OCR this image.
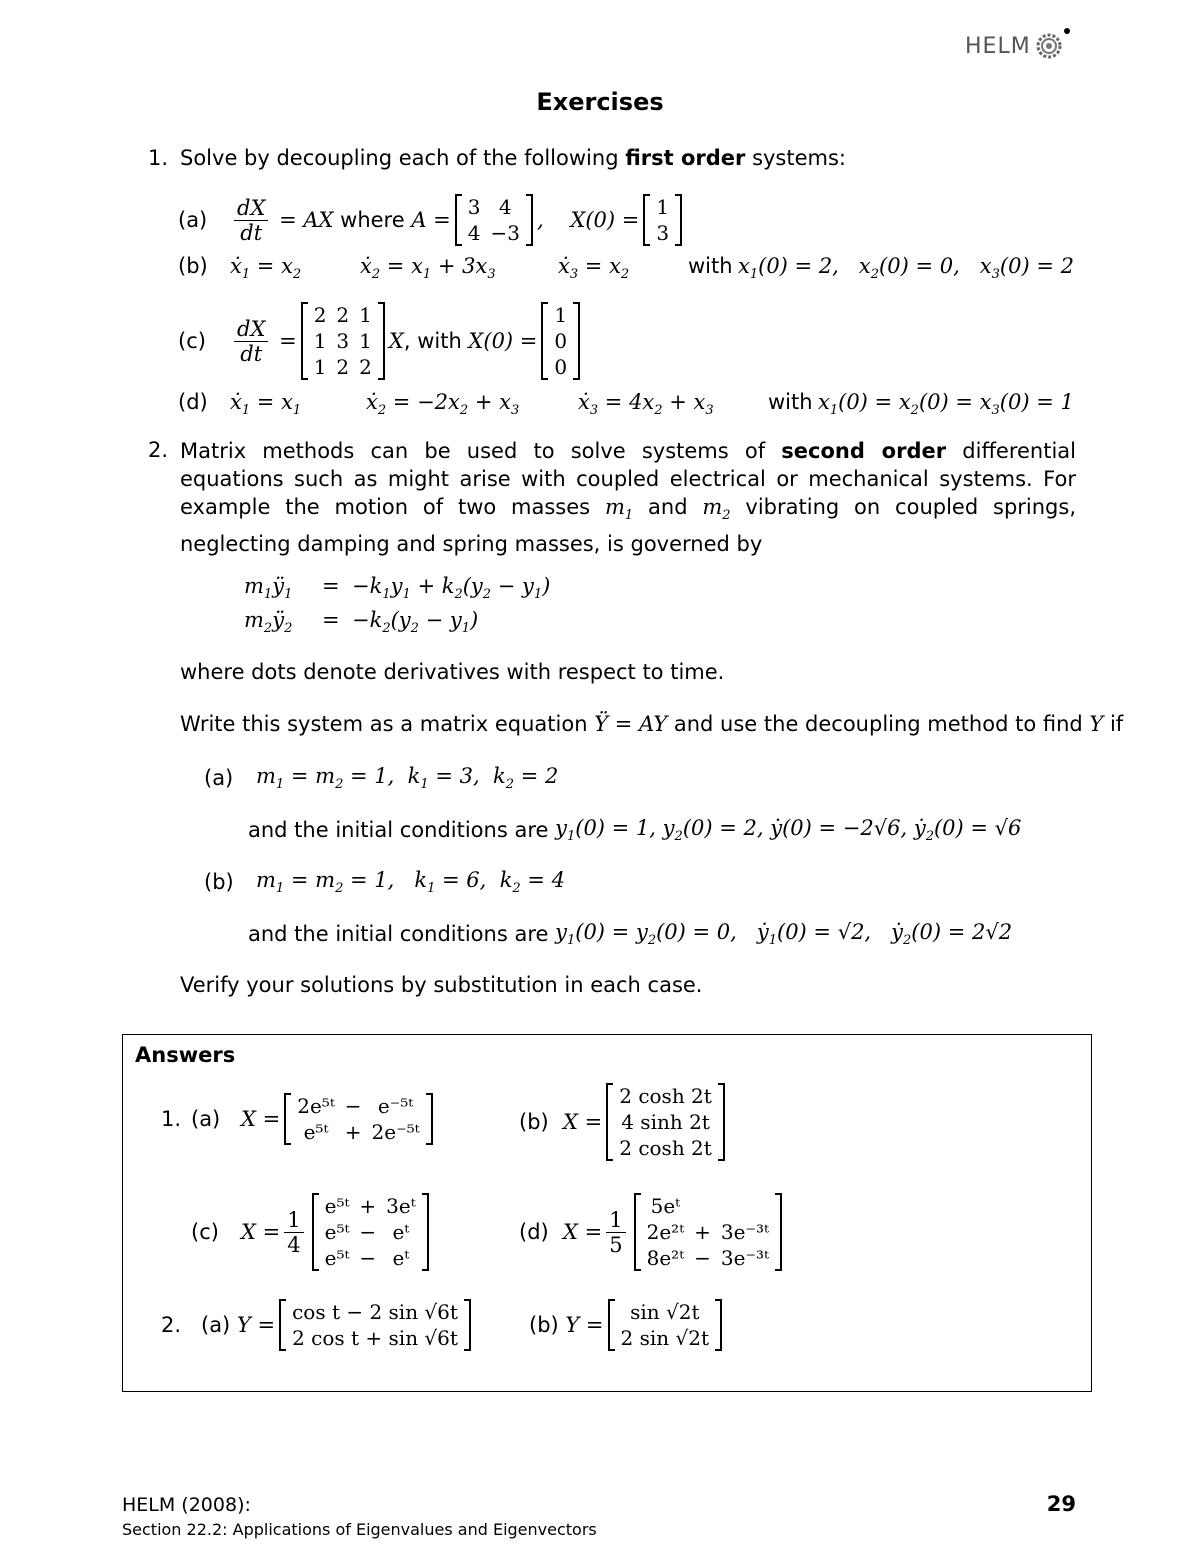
HELM
Exercises
1. Solve by decoupling each of the following first order systems:
(a)	$\frac{dX}{dt}$ = AX where A =
3	4
4	−3
,    X(0) =
1
3
(b) ẋ$_1$ = $x_2$	ẋ$_2$ = $x_1 + 3x_3$	ẋ$_3$ = $x_2$	with $x_1(0) = 2$,   $x_2(0) = 0$,   $x_3(0) = 2$
(c)	$\frac{dX}{dt}$ =
2	2	1
1	3	1
1	2	2
X , with X(0) =
1
0
0
(d) ẋ$_1$ = $x_1$	ẋ$_2$ = $-2x_2 + x_3$	ẋ$_3$ = $4x_2 + x_3$	with $x_1(0) = x_2(0) = x_3(0) = 1$
2. Matrix methods can be used to solve systems of second order differential equations such as might arise with coupled electrical or mechanical systems. For example the motion of two masses $m_1$ and $m_2$ vibrating on coupled springs, neglecting damping and spring masses, is governed by
$m_1ÿ_1 = -k_1y_1 + k_2(y_2 - y_1)$
$m_2ÿ_2 = -k_2(y_2 - y_1)$
where dots denote derivatives with respect to time.
Write this system as a matrix equation Ÿ = AY and use the decoupling method to find Y if
(a)	$m_1 = m_2 = 1$,  $k_1 = 3$,  $k_2 = 2$
and the initial conditions are $y_1(0) = 1$, $y_2(0) = 2$, ẏ(0) = −2√6, ẏ$_2$(0) = √6
(b)	$m_1 = m_2 = 1$,   $k_1 = 6$,  $k_2 = 4$
and the initial conditions are $y_1(0) = y_2(0) = 0$,   ẏ$_1$(0) = √2,   ẏ$_2$(0) = 2√2
Verify your solutions by substitution in each case.
Answers
1. (a) X =
2e⁵ᵗ	−	e⁻⁵ᵗ
e⁵ᵗ	+	2e⁻⁵ᵗ	(b) X =
2 cosh 2t
4 sinh 2t
2 cosh 2t
(c)	$X = \frac{1}{4}$
e⁵ᵗ	+	3eᵗ
e⁵ᵗ	−	eᵗ
e⁵ᵗ	−	eᵗ
(d) $X = \frac{1}{5}$
5eᵗ		
2e²ᵗ	+	3e⁻³ᵗ
8e²ᵗ	−	3e⁻³ᵗ
2. (a) Y =
cos t − 2 sin √6t
2 cos t + sin √6t
(b) Y =
sin √2t
2 sin √2t
HELM (2008):
Section 22.2: Applications of Eigenvalues and Eigenvectors
29
